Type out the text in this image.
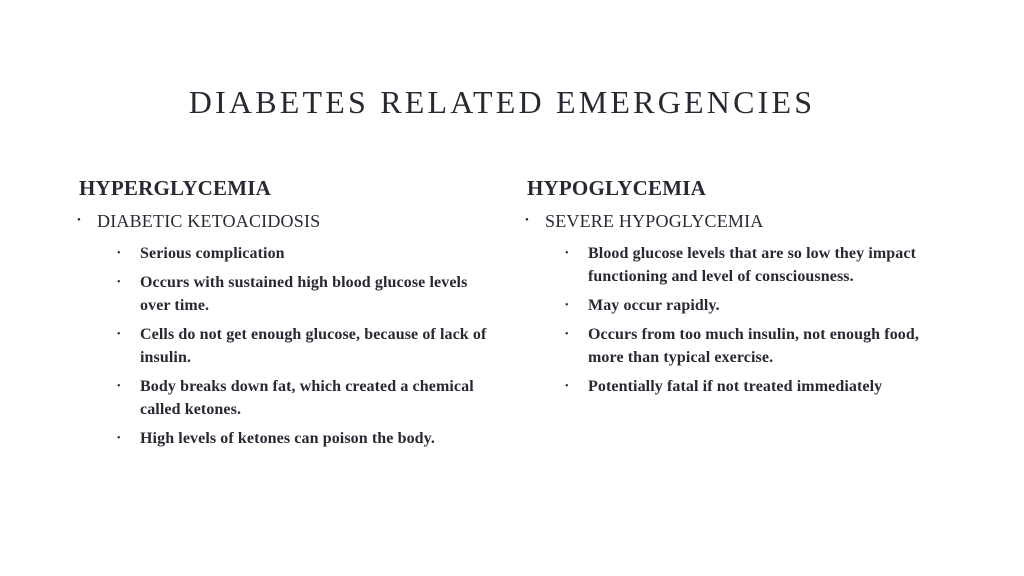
DIABETES RELATED EMERGENCIES
HYPERGLYCEMIA
• DIABETIC KETOACIDOSIS
• Serious complication
• Occurs with sustained high blood glucose levels over time.
• Cells do not get enough glucose, because of lack of insulin.
• Body breaks down fat, which created a chemical called ketones.
• High levels of ketones can poison the body.
HYPOGLYCEMIA
• SEVERE HYPOGLYCEMIA
• Blood glucose levels that are so low they impact functioning and level of consciousness.
• May occur rapidly.
• Occurs from too much insulin, not enough food, more than typical exercise.
• Potentially fatal if not treated immediately
